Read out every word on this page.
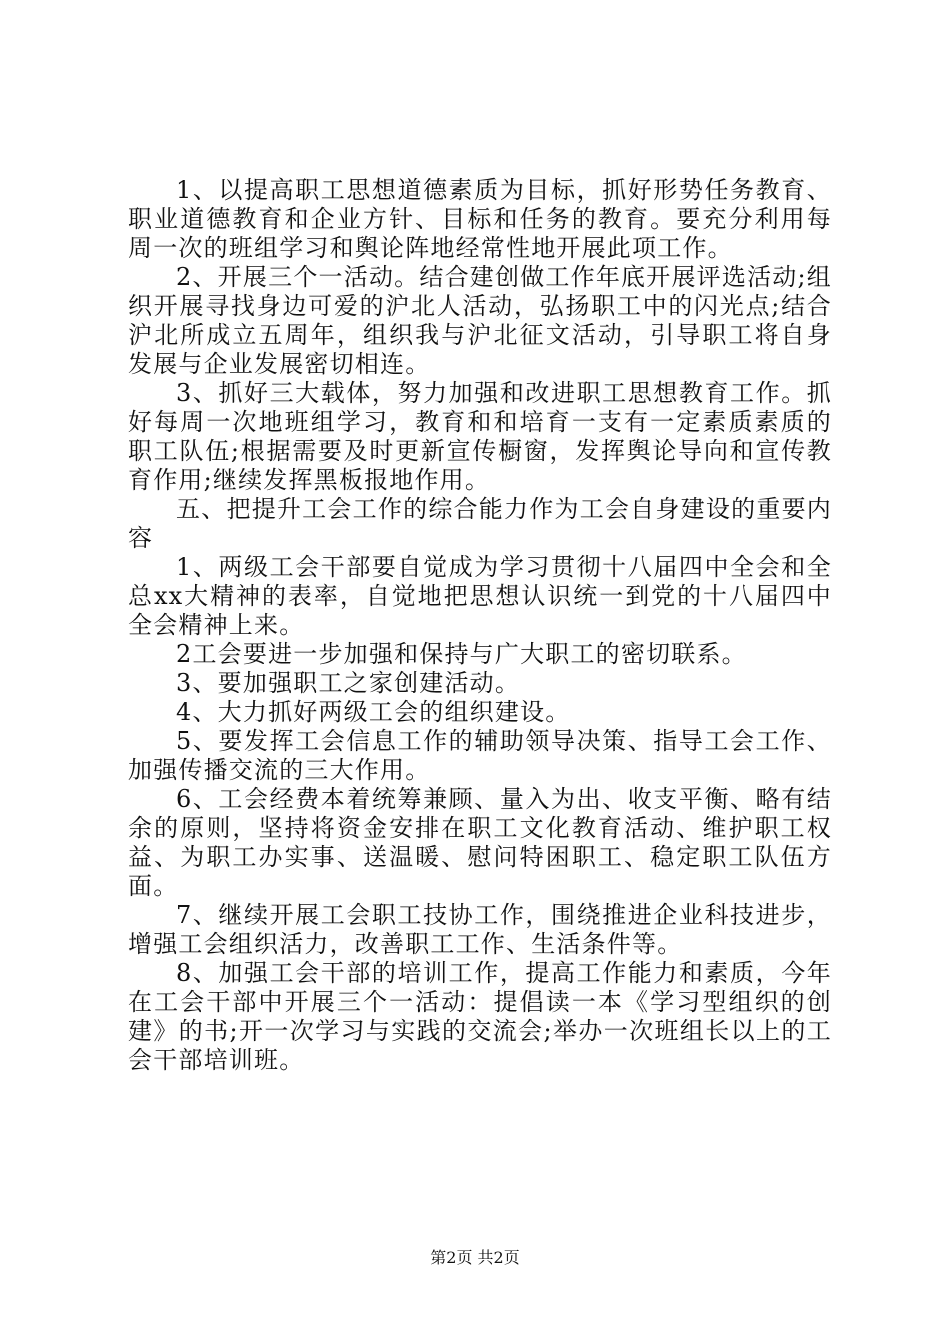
1、以提高职工思想道德素质为目标，抓好形势任务教育、职业道德教育和企业方针、目标和任务的教育。要充分利用每周一次的班组学习和舆论阵地经常性地开展此项工作。

2、开展三个一活动。结合建创做工作年底开展评选活动;组织开展寻找身边可爱的沪北人活动，弘扬职工中的闪光点;结合沪北所成立五周年，组织我与沪北征文活动，引导职工将自身发展与企业发展密切相连。

3、抓好三大载体，努力加强和改进职工思想教育工作。抓好每周一次地班组学习，教育和和培育一支有一定素质素质的职工队伍;根据需要及时更新宣传橱窗，发挥舆论导向和宣传教育作用;继续发挥黑板报地作用。

五、把提升工会工作的综合能力作为工会自身建设的重要内容

1、两级工会干部要自觉成为学习贯彻十八届四中全会和全总xx大精神的表率，自觉地把思想认识统一到党的十八届四中全会精神上来。

2工会要进一步加强和保持与广大职工的密切联系。

3、要加强职工之家创建活动。

4、大力抓好两级工会的组织建设。

5、要发挥工会信息工作的辅助领导决策、指导工会工作、加强传播交流的三大作用。

6、工会经费本着统筹兼顾、量入为出、收支平衡、略有结余的原则，坚持将资金安排在职工文化教育活动、维护职工权益、为职工办实事、送温暖、慰问特困职工、稳定职工队伍方面。

7、继续开展工会职工技协工作，围绕推进企业科技进步，增强工会组织活力，改善职工工作、生活条件等。

8、加强工会干部的培训工作，提高工作能力和素质，今年在工会干部中开展三个一活动：提倡读一本《学习型组织的创建》的书;开一次学习与实践的交流会;举办一次班组长以上的工会干部培训班。

第2页 共2页
